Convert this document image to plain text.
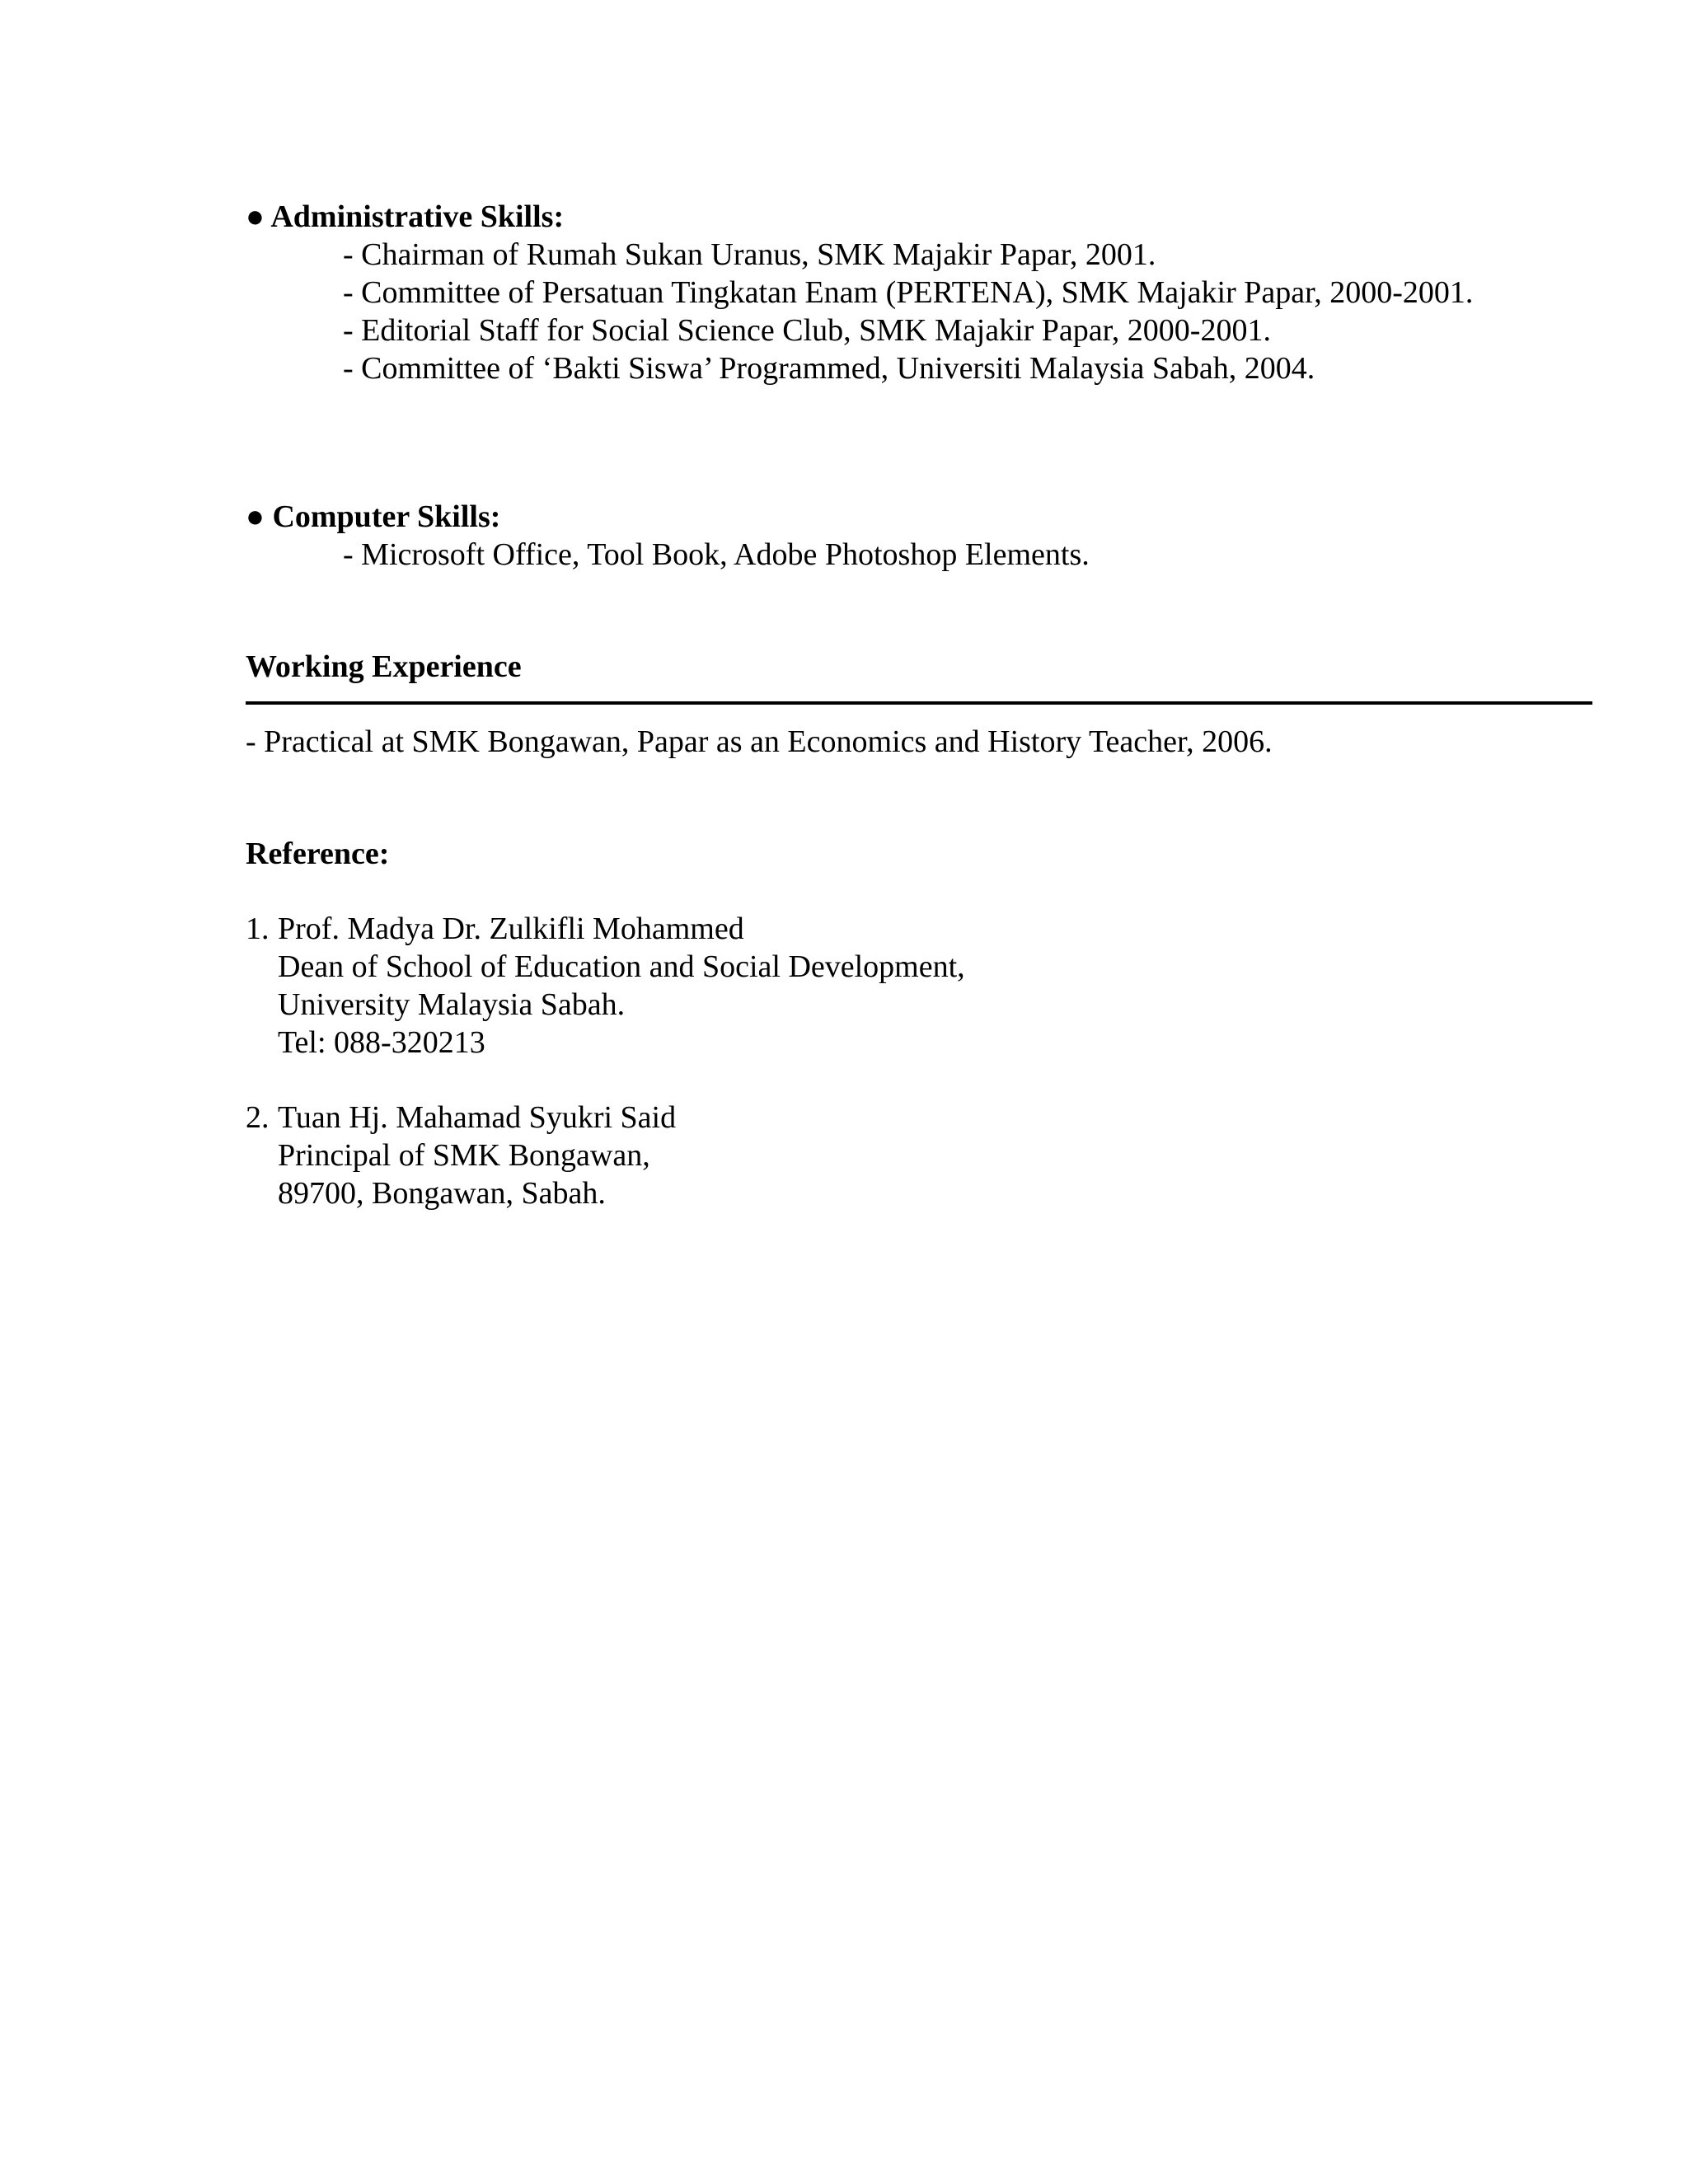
● Administrative Skills:
- Chairman of Rumah Sukan Uranus, SMK Majakir Papar, 2001.
- Committee of Persatuan Tingkatan Enam (PERTENA), SMK Majakir Papar, 2000-2001.
- Editorial Staff for Social Science Club, SMK Majakir Papar, 2000-2001.
- Committee of ‘Bakti Siswa’ Programmed, Universiti Malaysia Sabah, 2004.
● Computer Skills:
- Microsoft Office, Tool Book, Adobe Photoshop Elements.
Working Experience
- Practical at SMK Bongawan, Papar as an Economics and History Teacher, 2006.
Reference:
1. Prof. Madya Dr. Zulkifli Mohammed
Dean of School of Education and Social Development,
University Malaysia Sabah.
Tel: 088-320213
2. Tuan Hj. Mahamad Syukri Said
Principal of SMK Bongawan,
89700, Bongawan, Sabah.
